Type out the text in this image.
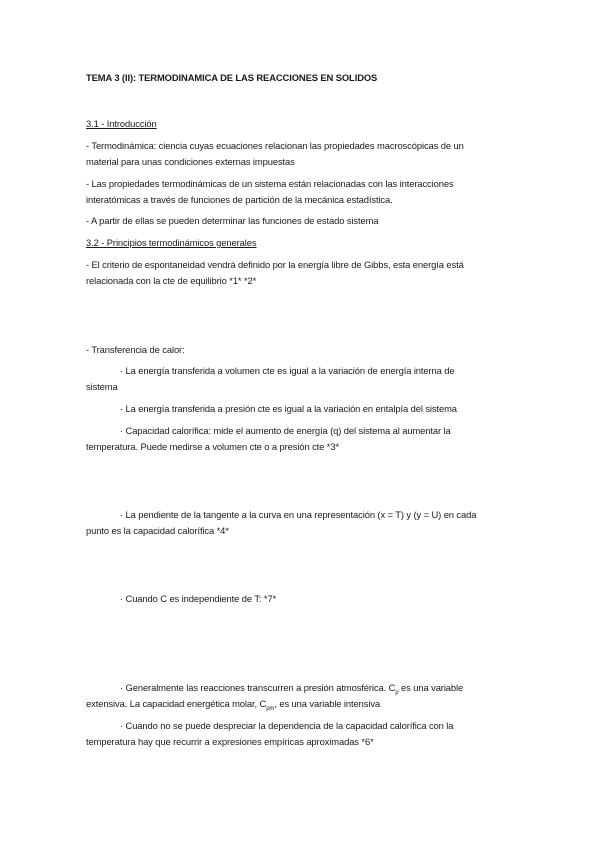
TEMA 3 (II): TERMODINAMICA DE LAS REACCIONES EN SOLIDOS

3.1 - Introducción

- Termodinámica: ciencia cuyas ecuaciones relacionan las propiedades macroscópicas de un

material para unas condiciones externas impuestas

- Las propiedades termodinámicas de un sistema están relacionadas con las interacciones

interatómicas a través de funciones de partición de la mecánica estadística.

- A partir de ellas se pueden determinar las funciones de estado sistema

3.2 - Principios termodinámicos generales

- El criterio de espontaneidad vendrá definido por la energía libre de Gibbs, esta energía está

relacionada con la cte de equilibrio *1* *2*

- Transferencia de calor:

· La energía transferida a volumen cte es igual a la variación de energía interna de

sistema

· La energía transferida a presión cte es igual a la variación en entalpía del sistema

· Capacidad calorífica: mide el aumento de energía (q) del sistema al aumentar la

temperatura. Puede medirse a volumen cte o a presión cte *3*

· La pendiente de la tangente a la curva en una representación (x = T) y (y = U) en cada

punto es la capacidad calorífica *4*

· Cuando C es independiente de T: *7*

· Generalmente las reacciones transcurren a presión atmosférica. $C_p$ es una variable

extensiva. La capacidad energética molar, $C_{pm}$, es una variable intensiva

· Cuando no se puede despreciar la dependencia de la capacidad calorífica con la

temperatura hay que recurrir a expresiones empíricas aproximadas *6*
